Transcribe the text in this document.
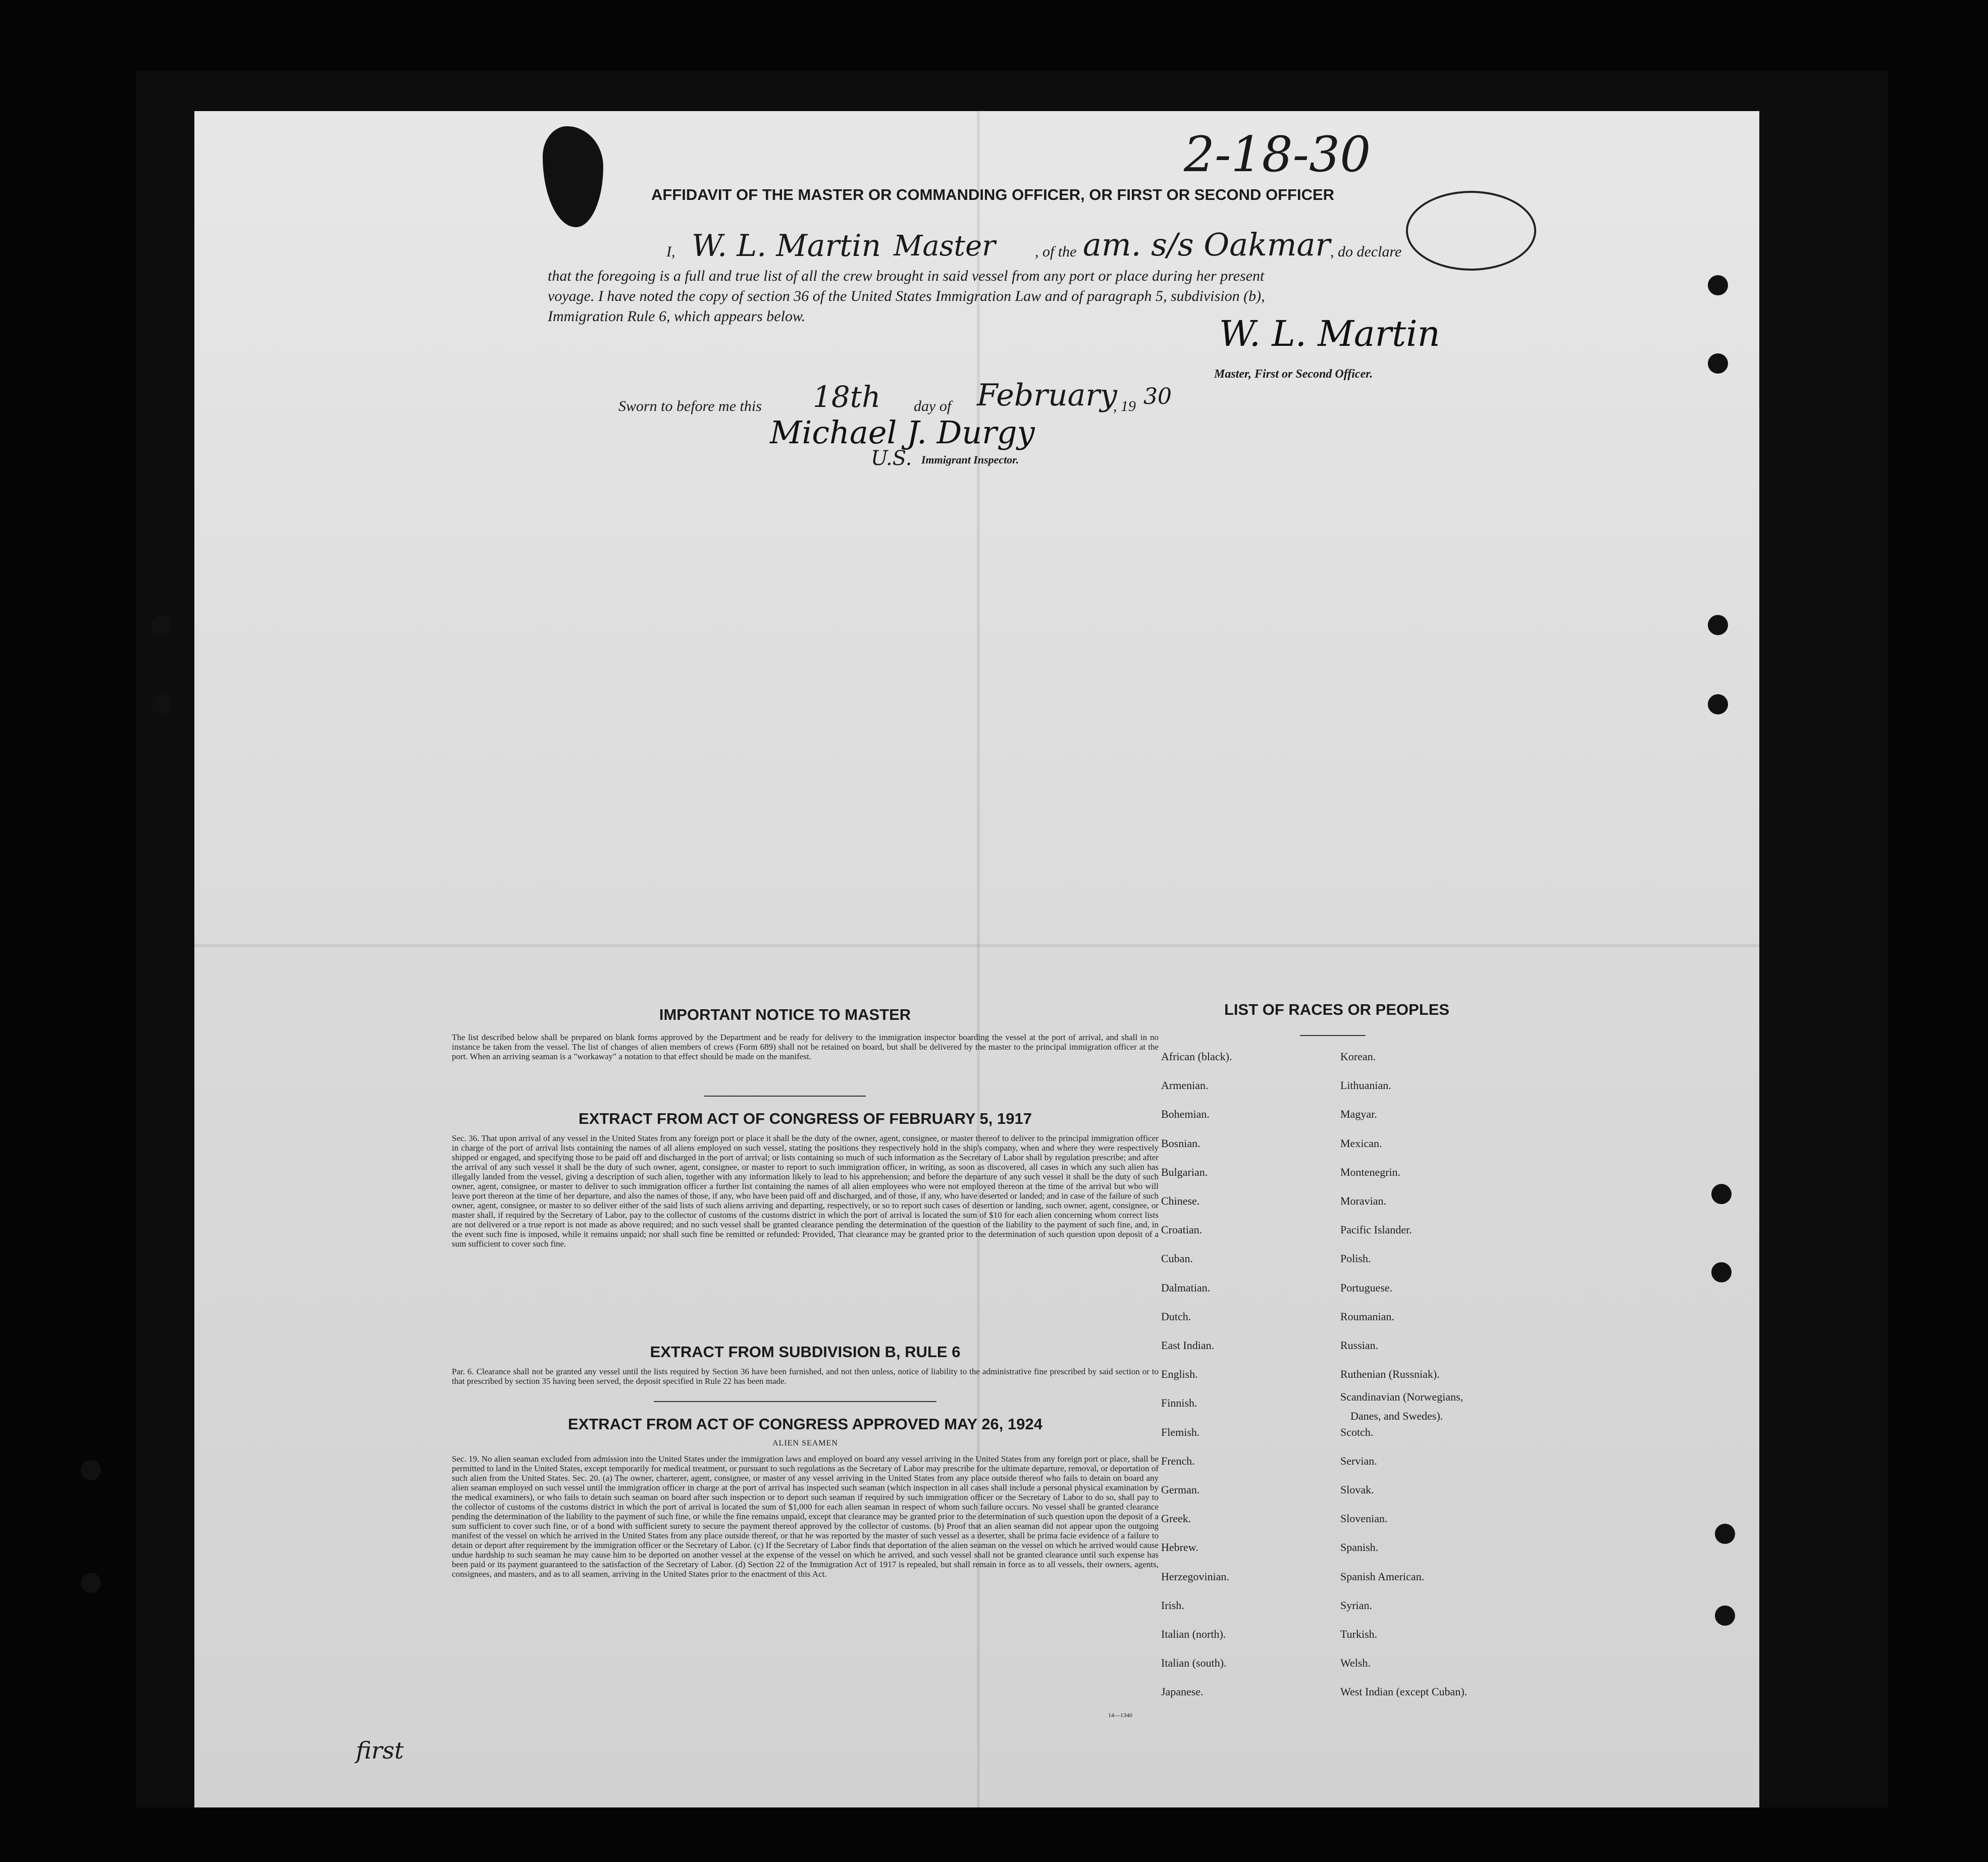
2-18-30
AFFIDAVIT OF THE MASTER OR COMMANDING OFFICER, OR FIRST OR SECOND OFFICER
I, W. L. Martin Master	, of the am. s/s Oakmar , do declare
that the foregoing is a full and true list of all the crew brought in said vessel from any port or place during her present
voyage. I have noted the copy of section 36 of the United States Immigration Law and of paragraph 5, subdivision (b),
Immigration Rule 6, which appears below.	W. L. Martin
Master, First or Second Officer.
Sworn to before me this 18th day of February
, 19 30
Michael J. Durgy
U.S. Immigrant Inspector.
IMPORTANT NOTICE TO MASTER
The list described below shall be prepared on blank forms approved by the Department and be ready for delivery to the immigration inspector boarding the vessel at the port of arrival, and shall in no instance be taken from the vessel. The list of changes of alien members of crews (Form 689) shall not be retained on board, but shall be delivered by the master to the principal immigration officer at the port. When an arriving seaman is a "workaway" a notation to that effect should be made on the manifest.
EXTRACT FROM ACT OF CONGRESS OF FEBRUARY 5, 1917
Sec. 36. That upon arrival of any vessel in the United States from any foreign port or place it shall be the duty of the owner, agent, consignee, or master thereof to deliver to the principal immigration officer in charge of the port of arrival lists containing the names of all aliens employed on such vessel, stating the positions they respectively hold in the ship's company, when and where they were respectively shipped or engaged, and specifying those to be paid off and discharged in the port of arrival; or lists containing so much of such information as the Secretary of Labor shall by regulation prescribe; and after the arrival of any such vessel it shall be the duty of such owner, agent, consignee, or master to report to such immigration officer, in writing, as soon as discovered, all cases in which any such alien has illegally landed from the vessel, giving a description of such alien, together with any information likely to lead to his apprehension; and before the departure of any such vessel it shall be the duty of such owner, agent, consignee, or master to deliver to such immigration officer a further list containing the names of all alien employees who were not employed thereon at the time of the arrival but who will leave port thereon at the time of her departure, and also the names of those, if any, who have been paid off and discharged, and of those, if any, who have deserted or landed; and in case of the failure of such owner, agent, consignee, or master to so deliver either of the said lists of such aliens arriving and departing, respectively, or so to report such cases of desertion or landing, such owner, agent, consignee, or master shall, if required by the Secretary of Labor, pay to the collector of customs of the customs district in which the port of arrival is located the sum of $10 for each alien concerning whom correct lists are not delivered or a true report is not made as above required; and no such vessel shall be granted clearance pending the determination of the question of the liability to the payment of such fine, and, in the event such fine is imposed, while it remains unpaid; nor shall such fine be remitted or refunded: Provided, That clearance may be granted prior to the determination of such question upon deposit of a sum sufficient to cover such fine.
EXTRACT FROM SUBDIVISION B, RULE 6
Par. 6. Clearance shall not be granted any vessel until the lists required by Section 36 have been furnished, and not then unless, notice of liability to the administrative fine prescribed by said section or to that prescribed by section 35 having been served, the deposit specified in Rule 22 has been made.
EXTRACT FROM ACT OF CONGRESS APPROVED MAY 26, 1924
ALIEN SEAMEN
Sec. 19. No alien seaman excluded from admission into the United States under the immigration laws and employed on board any vessel arriving in the United States from any foreign port or place, shall be permitted to land in the United States, except temporarily for medical treatment, or pursuant to such regulations as the Secretary of Labor may prescribe for the ultimate departure, removal, or deportation of such alien from the United States. Sec. 20. (a) The owner, charterer, agent, consignee, or master of any vessel arriving in the United States from any place outside thereof who fails to detain on board any alien seaman employed on such vessel until the immigration officer in charge at the port of arrival has inspected such seaman (which inspection in all cases shall include a personal physical examination by the medical examiners), or who fails to detain such seaman on board after such inspection or to deport such seaman if required by such immigration officer or the Secretary of Labor to do so, shall pay to the collector of customs of the customs district in which the port of arrival is located the sum of $1,000 for each alien seaman in respect of whom such failure occurs. No vessel shall be granted clearance pending the determination of the liability to the payment of such fine, or while the fine remains unpaid, except that clearance may be granted prior to the determination of such question upon the deposit of a sum sufficient to cover such fine, or of a bond with sufficient surety to secure the payment thereof approved by the collector of customs. (b) Proof that an alien seaman did not appear upon the outgoing manifest of the vessel on which he arrived in the United States from any place outside thereof, or that he was reported by the master of such vessel as a deserter, shall be prima facie evidence of a failure to detain or deport after requirement by the immigration officer or the Secretary of Labor. (c) If the Secretary of Labor finds that deportation of the alien seaman on the vessel on which he arrived would cause undue hardship to such seaman he may cause him to be deported on another vessel at the expense of the vessel on which he arrived, and such vessel shall not be granted clearance until such expense has been paid or its payment guaranteed to the satisfaction of the Secretary of Labor. (d) Section 22 of the Immigration Act of 1917 is repealed, but shall remain in force as to all vessels, their owners, agents, consignees, and masters, and as to all seamen, arriving in the United States prior to the enactment of this Act.
14—1340
LIST OF RACES OR PEOPLES
first
African (black).
Armenian.
Bohemian.
Bosnian.
Bulgarian.
Chinese.
Croatian.
Cuban.
Dalmatian.
Dutch.
East Indian.
English.
Finnish.
Flemish.
French.
German.
Greek.
Hebrew.
Herzegovinian.
Irish.
Italian (north).
Italian (south).
Japanese.
Korean.
Lithuanian.
Magyar.
Mexican.
Montenegrin.
Moravian.
Pacific Islander.
Polish.
Portuguese.
Roumanian.
Russian.
Ruthenian (Russniak).
Scandinavian (Norwegians,
Danes, and Swedes).
Scotch.
Servian.
Slovak.
Slovenian.
Spanish.
Spanish American.
Syrian.
Turkish.
Welsh.
West Indian (except Cuban).
